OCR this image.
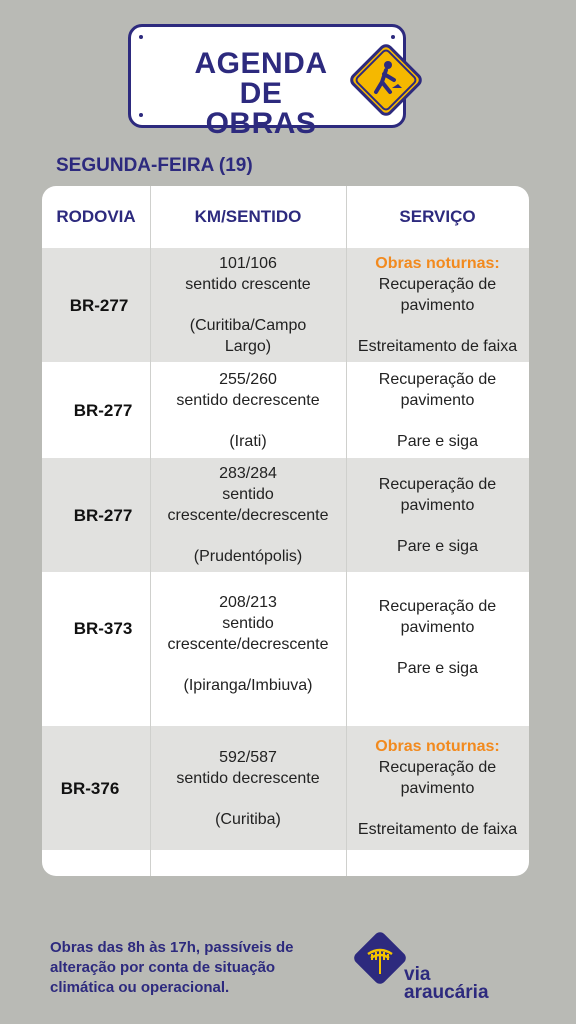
AGENDA
DE OBRAS
SEGUNDA-FEIRA (19)
RODOVIA	KM/SENTIDO	SERVIÇO
BR-277
101/106
sentido crescente
(Curitiba/Campo
Largo)
Obras noturnas:
Recuperação de
pavimento
Estreitamento de faixa
BR-277
255/260
sentido decrescente
(Irati)
Recuperação de
pavimento
Pare e siga
BR-277
283/284
sentido
crescente/decrescente
(Prudentópolis)
Recuperação de
pavimento
Pare e siga
BR-373
208/213
sentido
crescente/decrescente
(Ipiranga/Imbiuva)
Recuperação de
pavimento
Pare e siga
BR-376
592/587
sentido decrescente
(Curitiba)
Obras noturnas:
Recuperação de
pavimento
Estreitamento de faixa
Obras das 8h às 17h, passíveis de alteração por conta de situação climática ou operacional.
via
araucária
